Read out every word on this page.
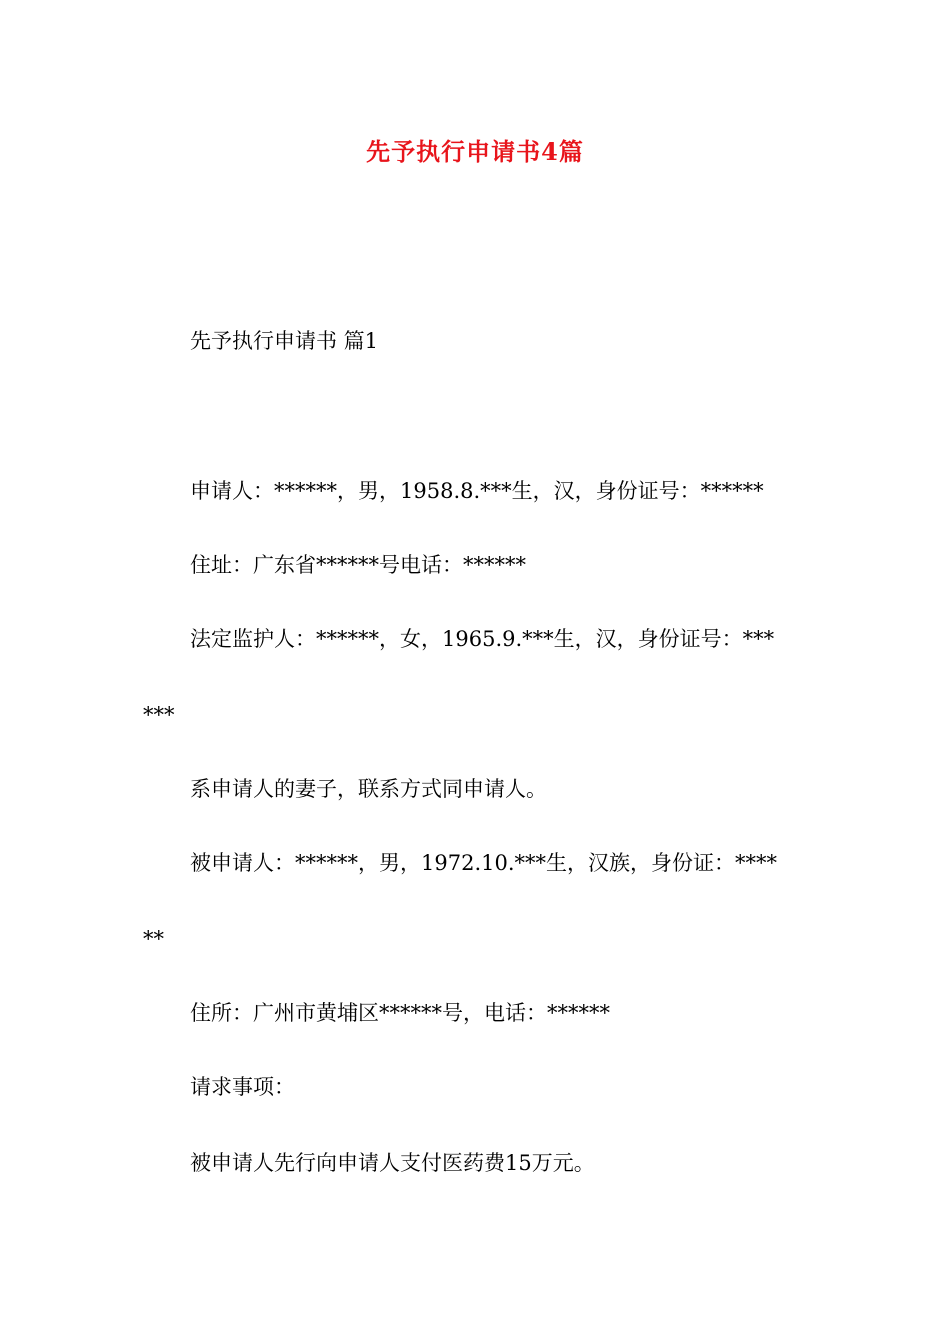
先予执行申请书4篇
先予执行申请书 篇1
申请人：******，男，1958.8.***生，汉，身份证号：******
住址：广东省******号电话：******
法定监护人：******，女，1965.9.***生，汉，身份证号：***
***
系申请人的妻子，联系方式同申请人。
被申请人：******，男，1972.10.***生，汉族，身份证：****
**
住所：广州市黄埔区******号，电话：******
请求事项：
被申请人先行向申请人支付医药费15万元。
